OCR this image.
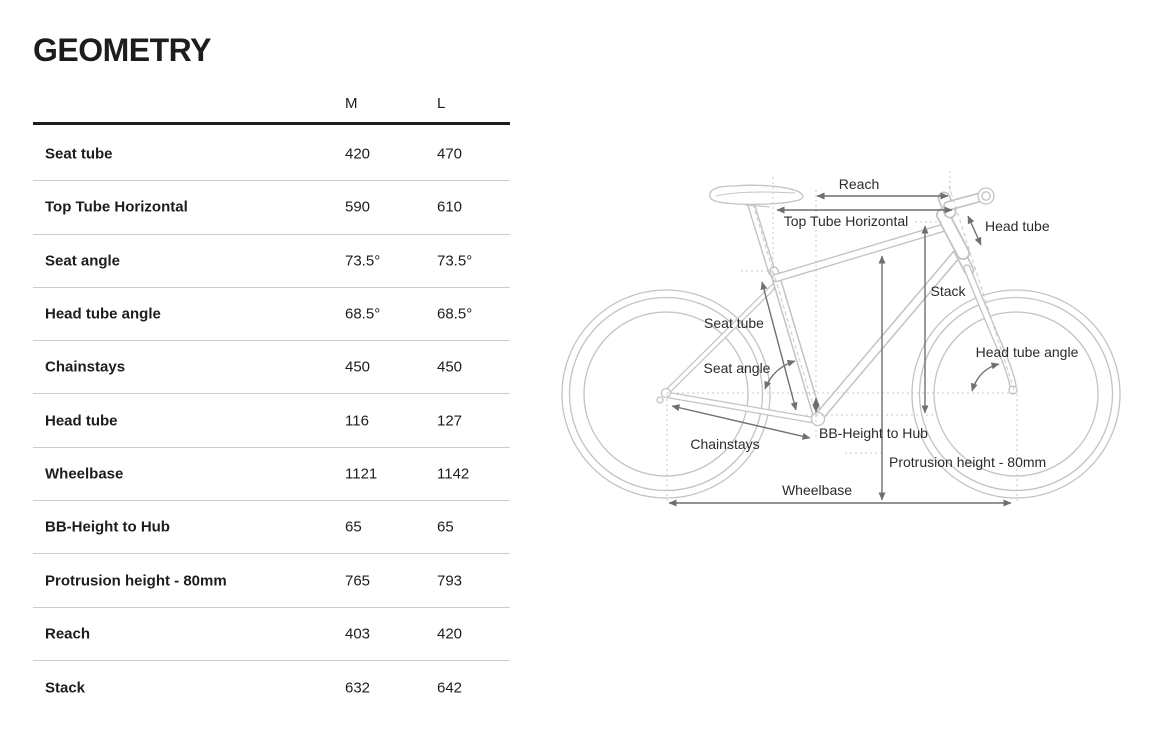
GEOMETRY
M	L
Seat tube	420	470
Top Tube Horizontal	590	610
Seat angle	73.5°	73.5°
Head tube angle	68.5°	68.5°
Chainstays	450	450
Head tube	116	127
Wheelbase	1121	1142
BB-Height to Hub	65	65
Protrusion height - 80mm	765	793
Reach	403	420
Stack	632	642
Reach
Top Tube Horizontal	Head tube
Stack
Seat tube
Head tube angle
Seat angle
Chainstays
BB-Height to Hub
Protrusion height - 80mm
Wheelbase
